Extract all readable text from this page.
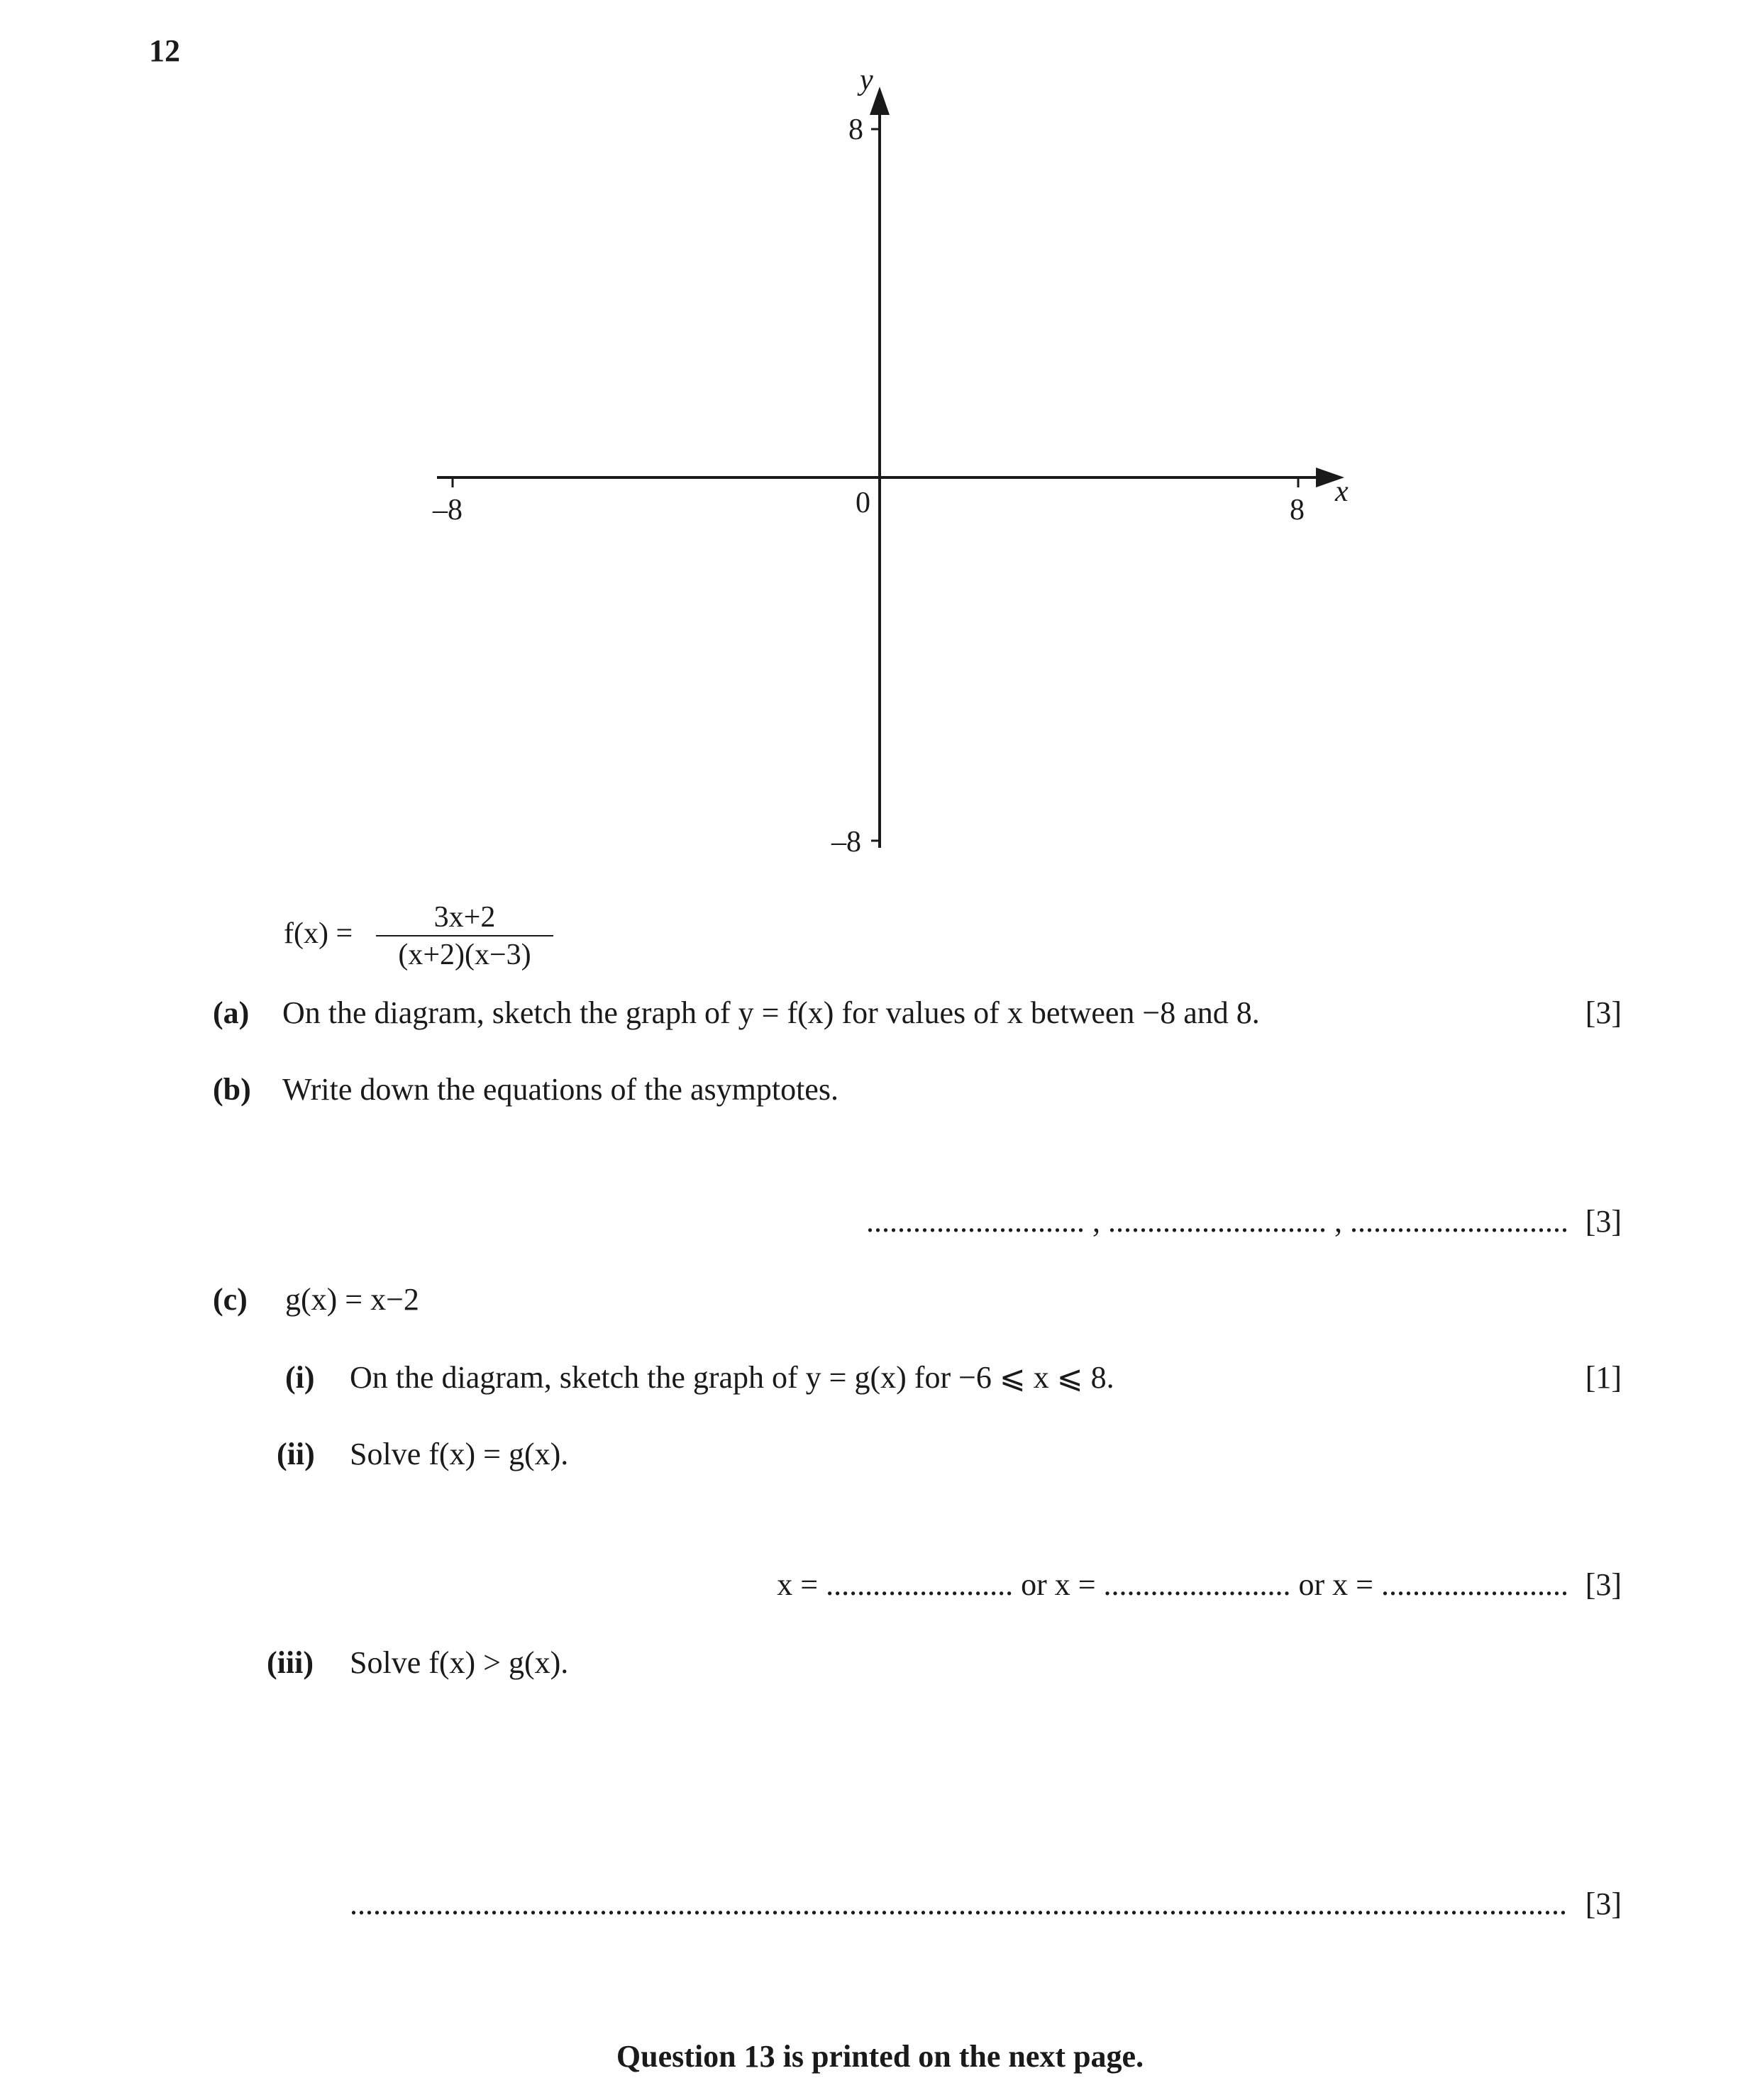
12
y
x
8
–8
–8	8
0
f(x) =	3x+2
(x+2)(x−3)
(a) On the diagram, sketch the graph of y = f(x) for values of x between −8 and 8.	[3]
(b) Write down the equations of the asymptotes.
............................ , ............................ , ............................ [3]
(c) g(x) = x−2
(i) On the diagram, sketch the graph of y = g(x) for −6 ⩽ x ⩽ 8.	[1]
(ii) Solve f(x) = g(x).
x = ........................ or x = ........................ or x = ........................ [3]
(iii) Solve f(x) > g(x).
............................................................................................................................................................ [3]
Question 13 is printed on the next page.
